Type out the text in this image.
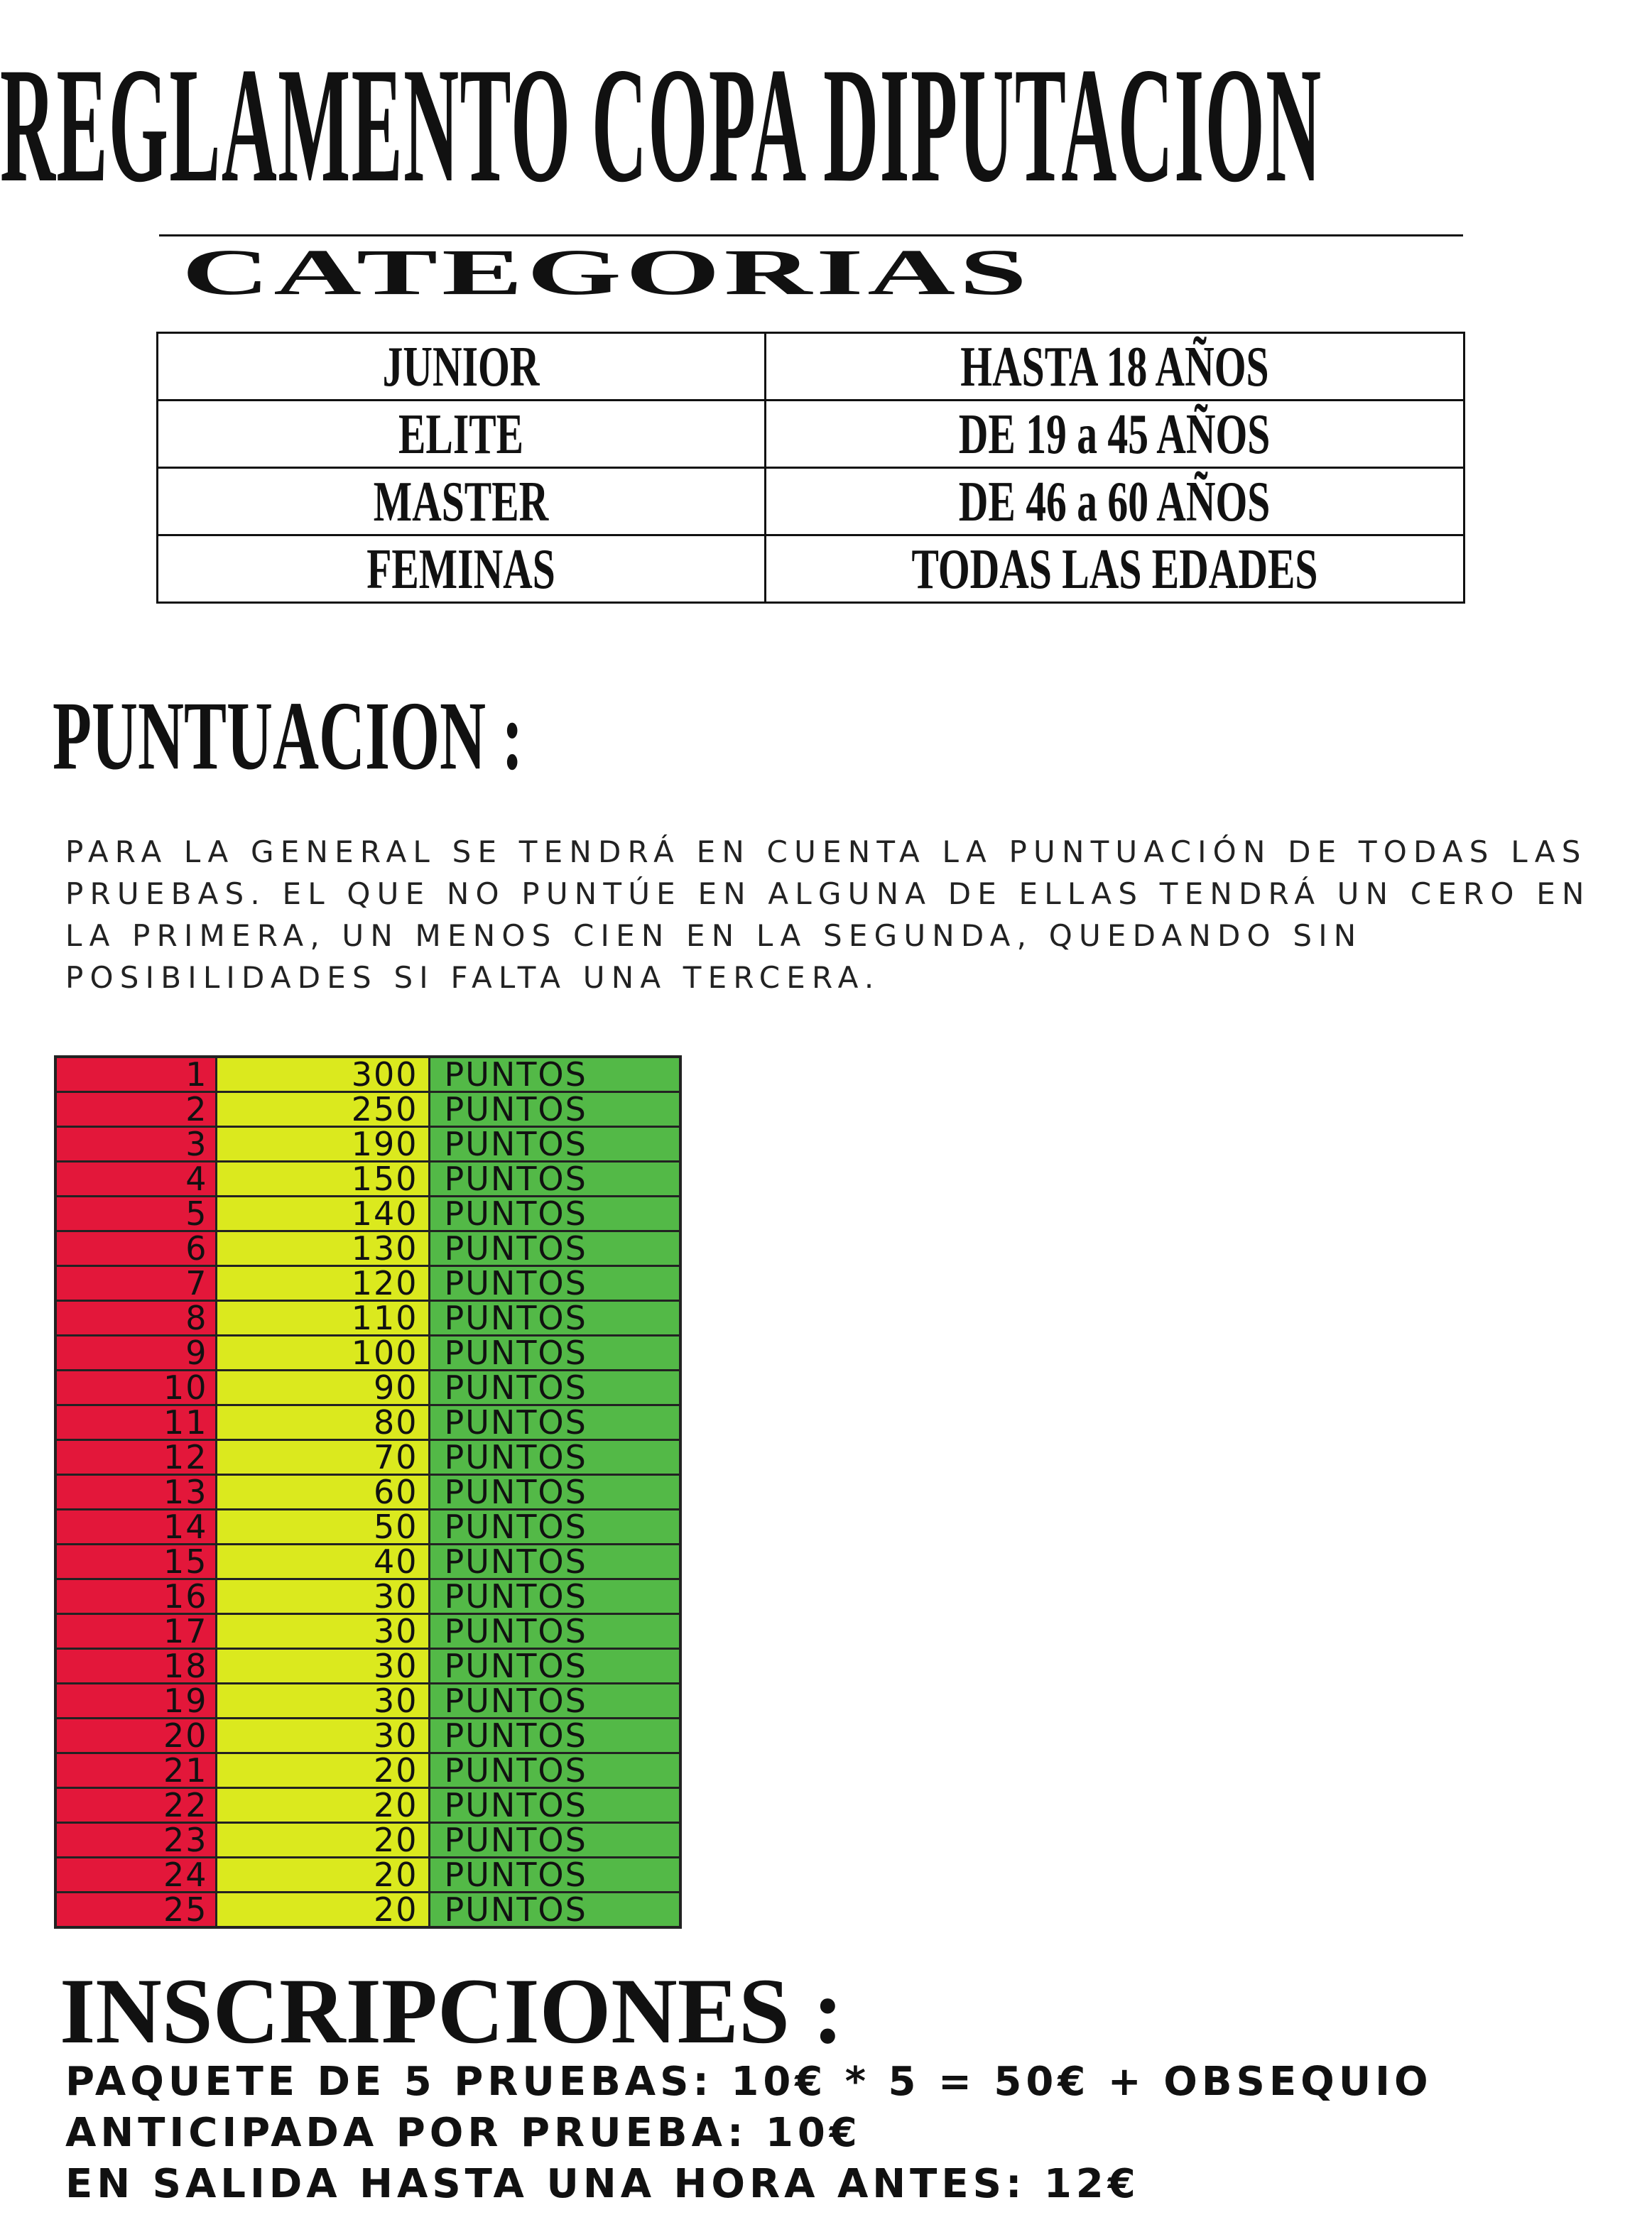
REGLAMENTO COPA DIPUTACION
CATEGORIAS
JUNIOR	HASTA 18 AÑOS
ELITE	DE 19 a 45 AÑOS
MASTER	DE 46 a 60 AÑOS
FEMINAS	TODAS LAS EDADES
PUNTUACION :

PARA LA GENERAL SE TENDRÁ EN CUENTA LA PUNTUACIÓN DE TODAS LAS PRUEBAS. EL QUE NO PUNTÚE EN ALGUNA DE ELLAS TENDRÁ UN CERO EN LA PRIMERA, UN MENOS CIEN EN LA SEGUNDA, QUEDANDO SIN POSIBILIDADES SI FALTA UNA TERCERA.

1	300	PUNTOS
2	250	PUNTOS
3	190	PUNTOS
4	150	PUNTOS
5	140	PUNTOS
6	130	PUNTOS
7	120	PUNTOS
8	110	PUNTOS
9	100	PUNTOS
10	90	PUNTOS
11	80	PUNTOS
12	70	PUNTOS
13	60	PUNTOS
14	50	PUNTOS
15	40	PUNTOS
16	30	PUNTOS
17	30	PUNTOS
18	30	PUNTOS
19	30	PUNTOS
20	30	PUNTOS
21	20	PUNTOS
22	20	PUNTOS
23	20	PUNTOS
24	20	PUNTOS
25	20	PUNTOS
INSCRIPCIONES :
PAQUETE DE 5 PRUEBAS: 10€ * 5 = 50€ + OBSEQUIO
ANTICIPADA POR PRUEBA: 10€
EN SALIDA HASTA UNA HORA ANTES: 12€
